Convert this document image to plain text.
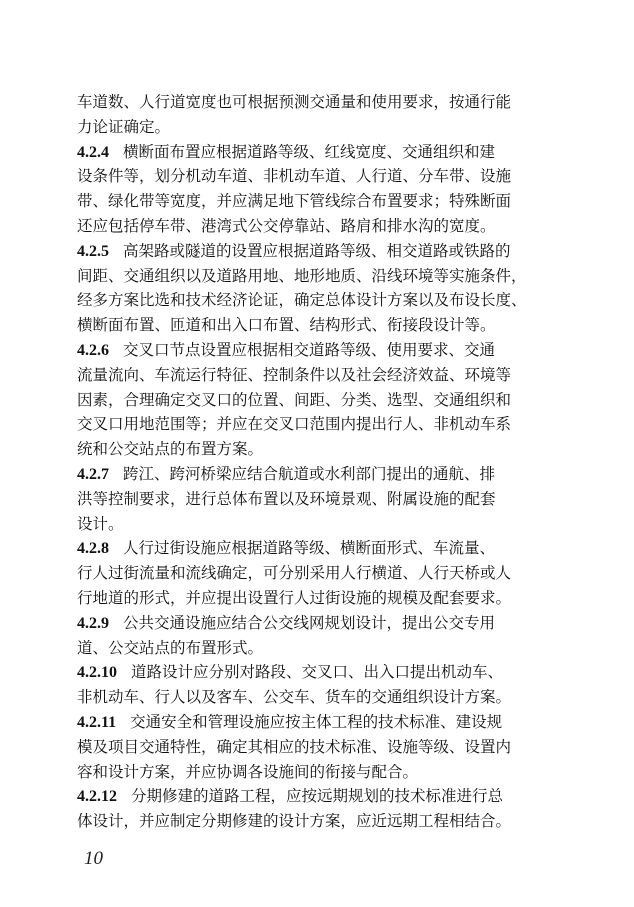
车道数、人行道宽度也可根据预测交通量和使用要求，按通行能
力论证确定。
4.2.4 横断面布置应根据道路等级、红线宽度、交通组织和建
设条件等，划分机动车道、非机动车道、人行道、分车带、设施
带、绿化带等宽度，并应满足地下管线综合布置要求；特殊断面
还应包括停车带、港湾式公交停靠站、路肩和排水沟的宽度。
4.2.5 高架路或隧道的设置应根据道路等级、相交道路或铁路的
间距、交通组织以及道路用地、地形地质、沿线环境等实施条件，
经多方案比选和技术经济论证，确定总体设计方案以及布设长度、
横断面布置、匝道和出入口布置、结构形式、衔接段设计等。
4.2.6 交叉口节点设置应根据相交道路等级、使用要求、交通
流量流向、车流运行特征、控制条件以及社会经济效益、环境等
因素，合理确定交叉口的位置、间距、分类、选型、交通组织和
交叉口用地范围等；并应在交叉口范围内提出行人、非机动车系
统和公交站点的布置方案。
4.2.7 跨江、跨河桥梁应结合航道或水利部门提出的通航、排
洪等控制要求，进行总体布置以及环境景观、附属设施的配套
设计。
4.2.8 人行过街设施应根据道路等级、横断面形式、车流量、
行人过街流量和流线确定，可分别采用人行横道、人行天桥或人
行地道的形式，并应提出设置行人过街设施的规模及配套要求。
4.2.9 公共交通设施应结合公交线网规划设计，提出公交专用
道、公交站点的布置形式。
4.2.10 道路设计应分别对路段、交叉口、出入口提出机动车、
非机动车、行人以及客车、公交车、货车的交通组织设计方案。
4.2.11 交通安全和管理设施应按主体工程的技术标准、建设规
模及项目交通特性，确定其相应的技术标准、设施等级、设置内
容和设计方案，并应协调各设施间的衔接与配合。
4.2.12 分期修建的道路工程，应按远期规划的技术标准进行总
体设计，并应制定分期修建的设计方案，应近远期工程相结合。
10
